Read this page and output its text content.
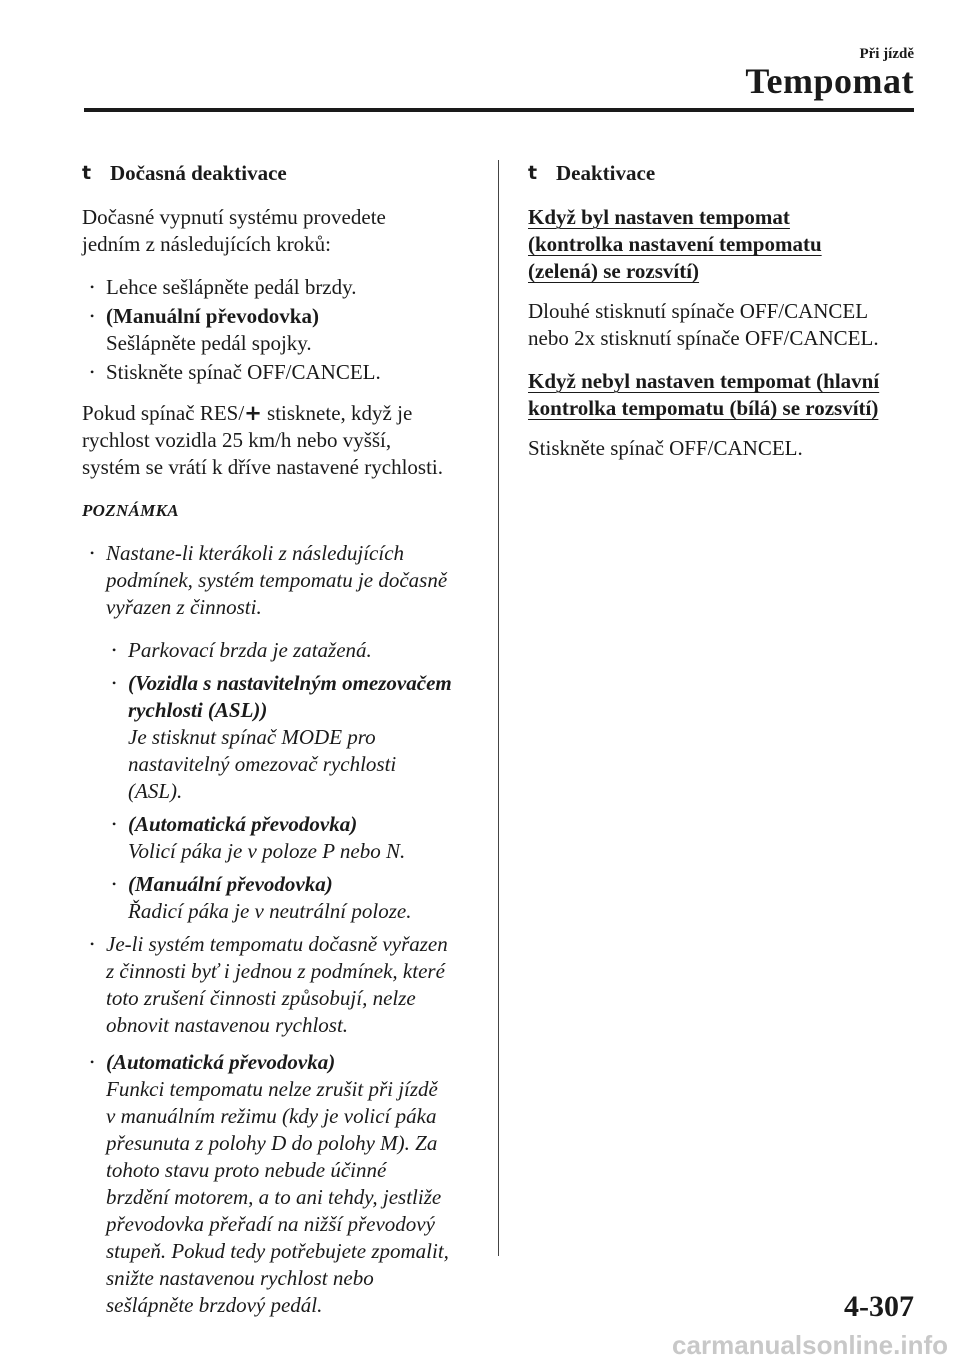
Při jízdě
Tempomat
t Dočasná deaktivace
Dočasné vypnutí systému provedete
jedním z následujících kroků:
• Lehce sešlápněte pedál brzdy.
• (Manuální převodovka)
Sešlápněte pedál spojky.
• Stiskněte spínač OFF/CANCEL.
Pokud spínač RES/+ stisknete, když je
rychlost vozidla 25 km/h nebo vyšší,
systém se vrátí k dříve nastavené rychlosti.
POZNÁMKA
• Nastane-li kterákoli z následujících
podmínek, systém tempomatu je dočasně
vyřazen z činnosti.
• Parkovací brzda je zatažená.
• (Vozidla s nastavitelným omezovačem
rychlosti (ASL))
Je stisknut spínač MODE pro
nastavitelný omezovač rychlosti
(ASL).
• (Automatická převodovka)
Volicí páka je v poloze P nebo N.
• (Manuální převodovka)
Řadicí páka je v neutrální poloze.
• Je-li systém tempomatu dočasně vyřazen
z činnosti byť i jednou z podmínek, které
toto zrušení činnosti způsobují, nelze
obnovit nastavenou rychlost.
• (Automatická převodovka)
Funkci tempomatu nelze zrušit při jízdě
v manuálním režimu (kdy je volicí páka
přesunuta z polohy D do polohy M). Za
tohoto stavu proto nebude účinné
brzdění motorem, a to ani tehdy, jestliže
převodovka přeřadí na nižší převodový
stupeň. Pokud tedy potřebujete zpomalit,
snižte nastavenou rychlost nebo
sešlápněte brzdový pedál.
t Deaktivace
Když byl nastaven tempomat
(kontrolka nastavení tempomatu
(zelená) se rozsvítí)
Dlouhé stisknutí spínače OFF/CANCEL
nebo 2x stisknutí spínače OFF/CANCEL.
Když nebyl nastaven tempomat (hlavní
kontrolka tempomatu (bílá) se rozsvítí)
Stiskněte spínač OFF/CANCEL.
4-307
carmanualsonline.info
